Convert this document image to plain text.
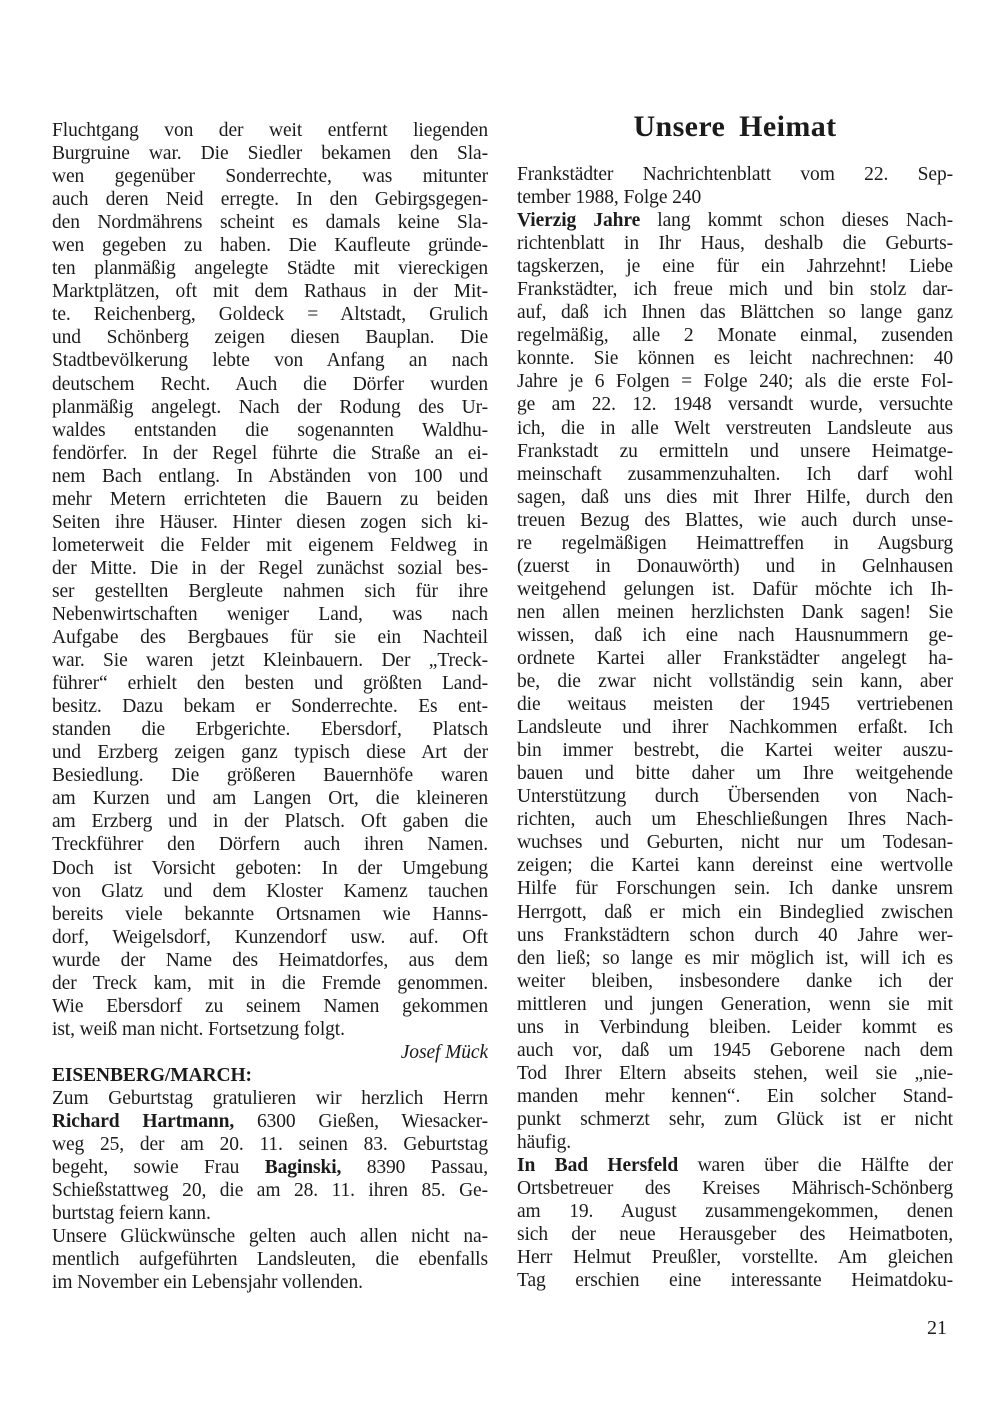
Fluchtgang von der weit entfernt liegenden
Burgruine war. Die Siedler bekamen den Sla-
wen gegenüber Sonderrechte, was mitunter
auch deren Neid erregte. In den Gebirgsgegen-
den Nordmährens scheint es damals keine Sla-
wen gegeben zu haben. Die Kaufleute gründe-
ten planmäßig angelegte Städte mit viereckigen
Marktplätzen, oft mit dem Rathaus in der Mit-
te. Reichenberg, Goldeck = Altstadt, Grulich
und Schönberg zeigen diesen Bauplan. Die
Stadtbevölkerung lebte von Anfang an nach
deutschem Recht. Auch die Dörfer wurden
planmäßig angelegt. Nach der Rodung des Ur-
waldes entstanden die sogenannten Waldhu-
fendörfer. In der Regel führte die Straße an ei-
nem Bach entlang. In Abständen von 100 und
mehr Metern errichteten die Bauern zu beiden
Seiten ihre Häuser. Hinter diesen zogen sich ki-
lometerweit die Felder mit eigenem Feldweg in
der Mitte. Die in der Regel zunächst sozial bes-
ser gestellten Bergleute nahmen sich für ihre
Nebenwirtschaften weniger Land, was nach
Aufgabe des Bergbaues für sie ein Nachteil
war. Sie waren jetzt Kleinbauern. Der „Treck-
führer“ erhielt den besten und größten Land-
besitz. Dazu bekam er Sonderrechte. Es ent-
standen die Erbgerichte. Ebersdorf, Platsch
und Erzberg zeigen ganz typisch diese Art der
Besiedlung. Die größeren Bauernhöfe waren
am Kurzen und am Langen Ort, die kleineren
am Erzberg und in der Platsch. Oft gaben die
Treckführer den Dörfern auch ihren Namen.
Doch ist Vorsicht geboten: In der Umgebung
von Glatz und dem Kloster Kamenz tauchen
bereits viele bekannte Ortsnamen wie Hanns-
dorf, Weigelsdorf, Kunzendorf usw. auf. Oft
wurde der Name des Heimatdorfes, aus dem
der Treck kam, mit in die Fremde genommen.
Wie Ebersdorf zu seinem Namen gekommen
ist, weiß man nicht. Fortsetzung folgt.
Josef Mück
EISENBERG/MARCH:
Zum Geburtstag gratulieren wir herzlich Herrn
Richard Hartmann, 6300 Gießen, Wiesacker-
weg 25, der am 20. 11. seinen 83. Geburtstag
begeht, sowie Frau Baginski, 8390 Passau,
Schießstattweg 20, die am 28. 11. ihren 85. Ge-
burtstag feiern kann.
Unsere Glückwünsche gelten auch allen nicht na-
mentlich aufgeführten Landsleuten, die ebenfalls
im November ein Lebensjahr vollenden.
Unsere Heimat
Frankstädter Nachrichtenblatt vom 22. Sep-
tember 1988, Folge 240
Vierzig Jahre lang kommt schon dieses Nach-
richtenblatt in Ihr Haus, deshalb die Geburts-
tagskerzen, je eine für ein Jahrzehnt! Liebe
Frankstädter, ich freue mich und bin stolz dar-
auf, daß ich Ihnen das Blättchen so lange ganz
regelmäßig, alle 2 Monate einmal, zusenden
konnte. Sie können es leicht nachrechnen: 40
Jahre je 6 Folgen = Folge 240; als die erste Fol-
ge am 22. 12. 1948 versandt wurde, versuchte
ich, die in alle Welt verstreuten Landsleute aus
Frankstadt zu ermitteln und unsere Heimatge-
meinschaft zusammenzuhalten. Ich darf wohl
sagen, daß uns dies mit Ihrer Hilfe, durch den
treuen Bezug des Blattes, wie auch durch unse-
re regelmäßigen Heimattreffen in Augsburg
(zuerst in Donauwörth) und in Gelnhausen
weitgehend gelungen ist. Dafür möchte ich Ih-
nen allen meinen herzlichsten Dank sagen! Sie
wissen, daß ich eine nach Hausnummern ge-
ordnete Kartei aller Frankstädter angelegt ha-
be, die zwar nicht vollständig sein kann, aber
die weitaus meisten der 1945 vertriebenen
Landsleute und ihrer Nachkommen erfaßt. Ich
bin immer bestrebt, die Kartei weiter auszu-
bauen und bitte daher um Ihre weitgehende
Unterstützung durch Übersenden von Nach-
richten, auch um Eheschließungen Ihres Nach-
wuchses und Geburten, nicht nur um Todesan-
zeigen; die Kartei kann dereinst eine wertvolle
Hilfe für Forschungen sein. Ich danke unsrem
Herrgott, daß er mich ein Bindeglied zwischen
uns Frankstädtern schon durch 40 Jahre wer-
den ließ; so lange es mir möglich ist, will ich es
weiter bleiben, insbesondere danke ich der
mittleren und jungen Generation, wenn sie mit
uns in Verbindung bleiben. Leider kommt es
auch vor, daß um 1945 Geborene nach dem
Tod Ihrer Eltern abseits stehen, weil sie „nie-
manden mehr kennen“. Ein solcher Stand-
punkt schmerzt sehr, zum Glück ist er nicht
häufig.
In Bad Hersfeld waren über die Hälfte der
Ortsbetreuer des Kreises Mährisch-Schönberg
am 19. August zusammengekommen, denen
sich der neue Herausgeber des Heimatboten,
Herr Helmut Preußler, vorstellte. Am gleichen
Tag erschien eine interessante Heimatdoku-
21
